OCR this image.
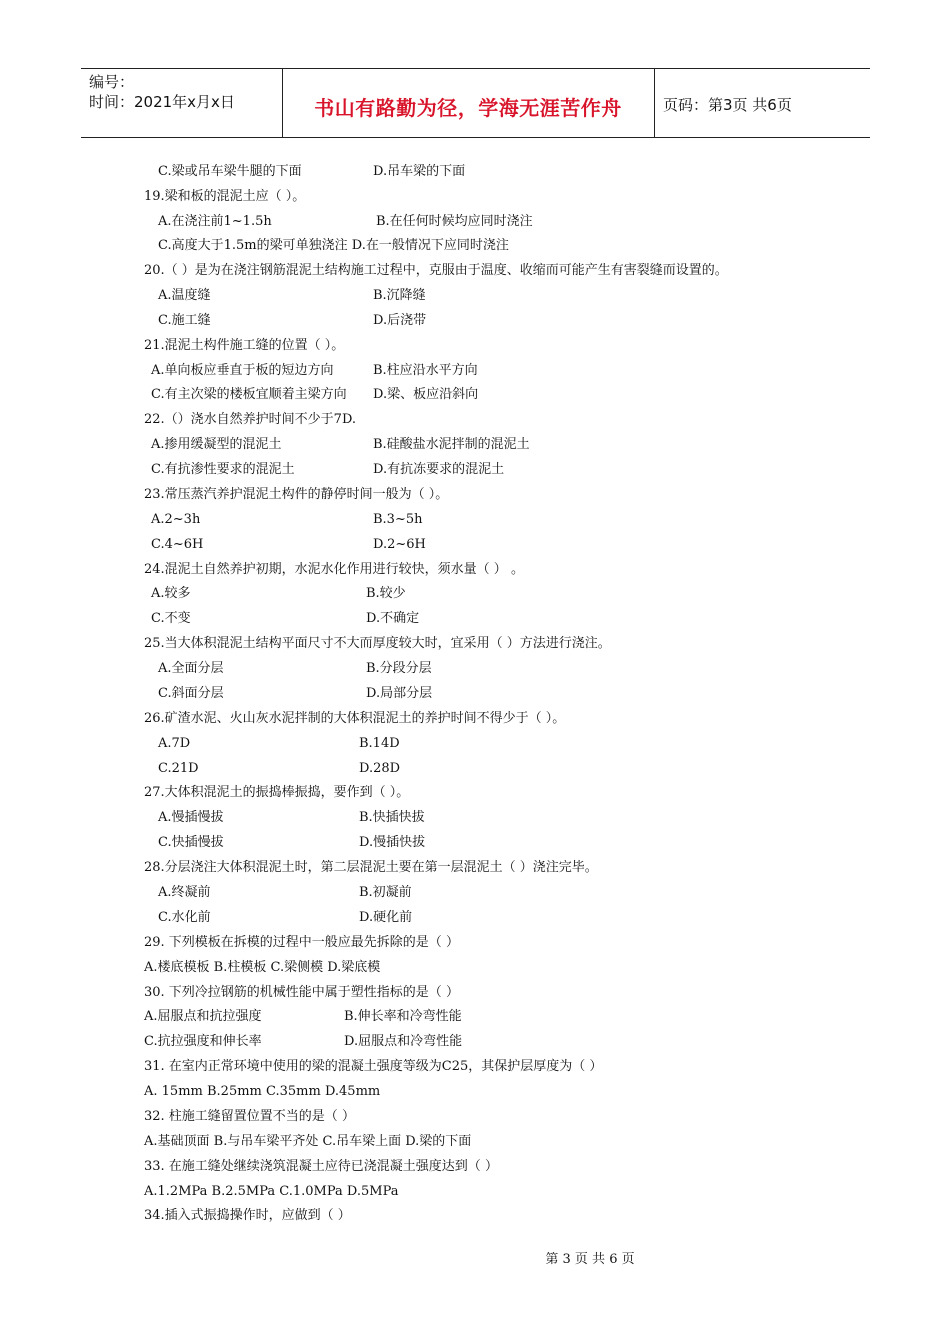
编号：
时间：2021年x月x日	书山有路勤为径，学海无涯苦作舟	页码：第3页 共6页
C.梁或吊车梁牛腿的下面	D.吊车梁的下面
19.梁和板的混泥土应（ ）。
A.在浇注前1~1.5h	B.在任何时候均应同时浇注
C.高度大于1.5m的梁可单独浇注 D.在一般情况下应同时浇注
20.（ ）是为在浇注钢筋混泥土结构施工过程中，克服由于温度、收缩而可能产生有害裂缝而设置的。
A.温度缝	B.沉降缝
C.施工缝	D.后浇带
21.混泥土构件施工缝的位置（ ）。
A.单向板应垂直于板的短边方向	B.柱应沿水平方向
C.有主次梁的楼板宜顺着主梁方向 D.梁、板应沿斜向
22.（）浇水自然养护时间不少于7D.
A.掺用缓凝型的混泥土	B.硅酸盐水泥拌制的混泥土
C.有抗渗性要求的混泥土	D.有抗冻要求的混泥土
23.常压蒸汽养护混泥土构件的静停时间一般为（ ）。
A.2~3h	B.3~5h
C.4~6H	D.2~6H
24.混泥土自然养护初期，水泥水化作用进行较快，须水量（ ） 。
A.较多	B.较少
C.不变	D.不确定
25.当大体积混泥土结构平面尺寸不大而厚度较大时，宜采用（ ）方法进行浇注。
A.全面分层	B.分段分层
C.斜面分层	D.局部分层
26.矿渣水泥、火山灰水泥拌制的大体积混泥土的养护时间不得少于（ ）。
A.7D	B.14D
C.21D	D.28D
27.大体积混泥土的振捣棒振捣，要作到（ ）。
A.慢插慢拔	B.快插快拔
C.快插慢拔	D.慢插快拔
28.分层浇注大体积混泥土时，第二层混泥土要在第一层混泥土（ ）浇注完毕。
A.终凝前	B.初凝前
C.水化前	D.硬化前
29. 下列模板在拆模的过程中一般应最先拆除的是（ ）
A.楼底模板 B.柱模板 C.梁侧模 D.梁底模
30. 下列冷拉钢筋的机械性能中属于塑性指标的是（ ）
A.屈服点和抗拉强度	B.伸长率和冷弯性能
C.抗拉强度和伸长率	D.屈服点和冷弯性能
31. 在室内正常环境中使用的梁的混凝土强度等级为C25，其保护层厚度为（ ）
A. 15mm B.25mm C.35mm D.45mm
32. 柱施工缝留置位置不当的是（ ）
A.基础顶面 B.与吊车梁平齐处 C.吊车梁上面 D.梁的下面
33. 在施工缝处继续浇筑混凝土应待已浇混凝土强度达到（ ）
A.1.2MPa B.2.5MPa C.1.0MPa D.5MPa
34.插入式振捣操作时，应做到（ ）
第 3 页 共 6 页
